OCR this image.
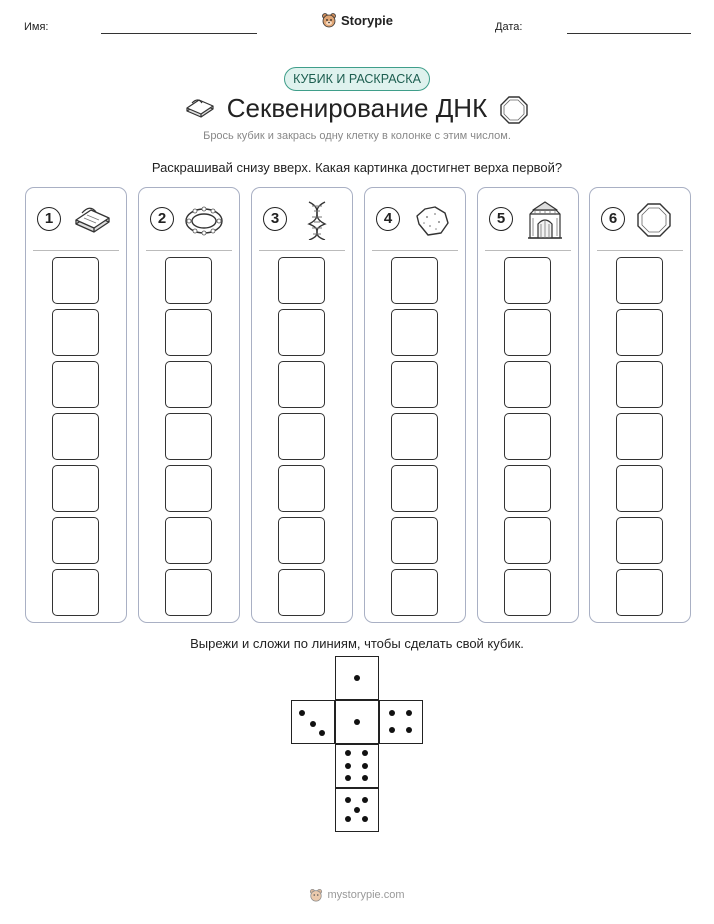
Имя:	Storypie	Дата:
КУБИК И РАСКРАСКА
Секвенирование ДНК
Брось кубик и закрась одну клетку в колонке с этим числом.
Раскрашивай снизу вверх. Какая картинка достигнет верха первой?
1	2	3	4	5	6
Вырежи и сложи по линиям, чтобы сделать свой кубик.
mystorypie.com
